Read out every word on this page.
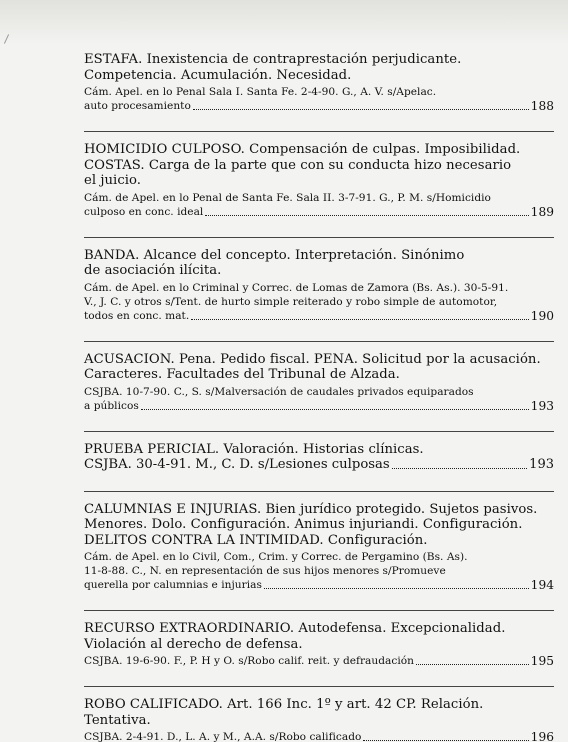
ESTAFA. Inexistencia de contraprestación perjudicante.
Competencia. Acumulación. Necesidad.
Cám. Apel. en lo Penal Sala I. Santa Fe. 2-4-90. G., A. V. s/Apelac.
auto procesamiento	188
HOMICIDIO CULPOSO. Compensación de culpas. Imposibilidad.
COSTAS. Carga de la parte que con su conducta hizo necesario
el juicio.
Cám. de Apel. en lo Penal de Santa Fe. Sala II. 3-7-91. G., P. M. s/Homicidio
culposo en conc. ideal	189
BANDA. Alcance del concepto. Interpretación. Sinónimo
de asociación ilícita.
Cám. de Apel. en lo Criminal y Correc. de Lomas de Zamora (Bs. As.). 30-5-91.
V., J. C. y otros s/Tent. de hurto simple reiterado y robo simple de automotor,
todos en conc. mat.	190
ACUSACION. Pena. Pedido fiscal. PENA. Solicitud por la acusación.
Caracteres. Facultades del Tribunal de Alzada.
CSJBA. 10-7-90. C., S. s/Malversación de caudales privados equiparados
a públicos	193
PRUEBA PERICIAL. Valoración. Historias clínicas.
CSJBA. 30-4-91. M., C. D. s/Lesiones culposas	193
CALUMNIAS E INJURIAS. Bien jurídico protegido. Sujetos pasivos.
Menores. Dolo. Configuración. Animus injuriandi. Configuración.
DELITOS CONTRA LA INTIMIDAD. Configuración.
Cám. de Apel. en lo Civil, Com., Crim. y Correc. de Pergamino (Bs. As).
11-8-88. C., N. en representación de sus hijos menores s/Promueve
querella por calumnias e injurias	194
RECURSO EXTRAORDINARIO. Autodefensa. Excepcionalidad.
Violación al derecho de defensa.
CSJBA. 19-6-90. F., P. H y O. s/Robo calif. reit. y defraudación	195
ROBO CALIFICADO. Art. 166 Inc. 1º y art. 42 CP. Relación.
Tentativa.
CSJBA. 2-4-91. D., L. A. y M., A.A. s/Robo calificado	196
